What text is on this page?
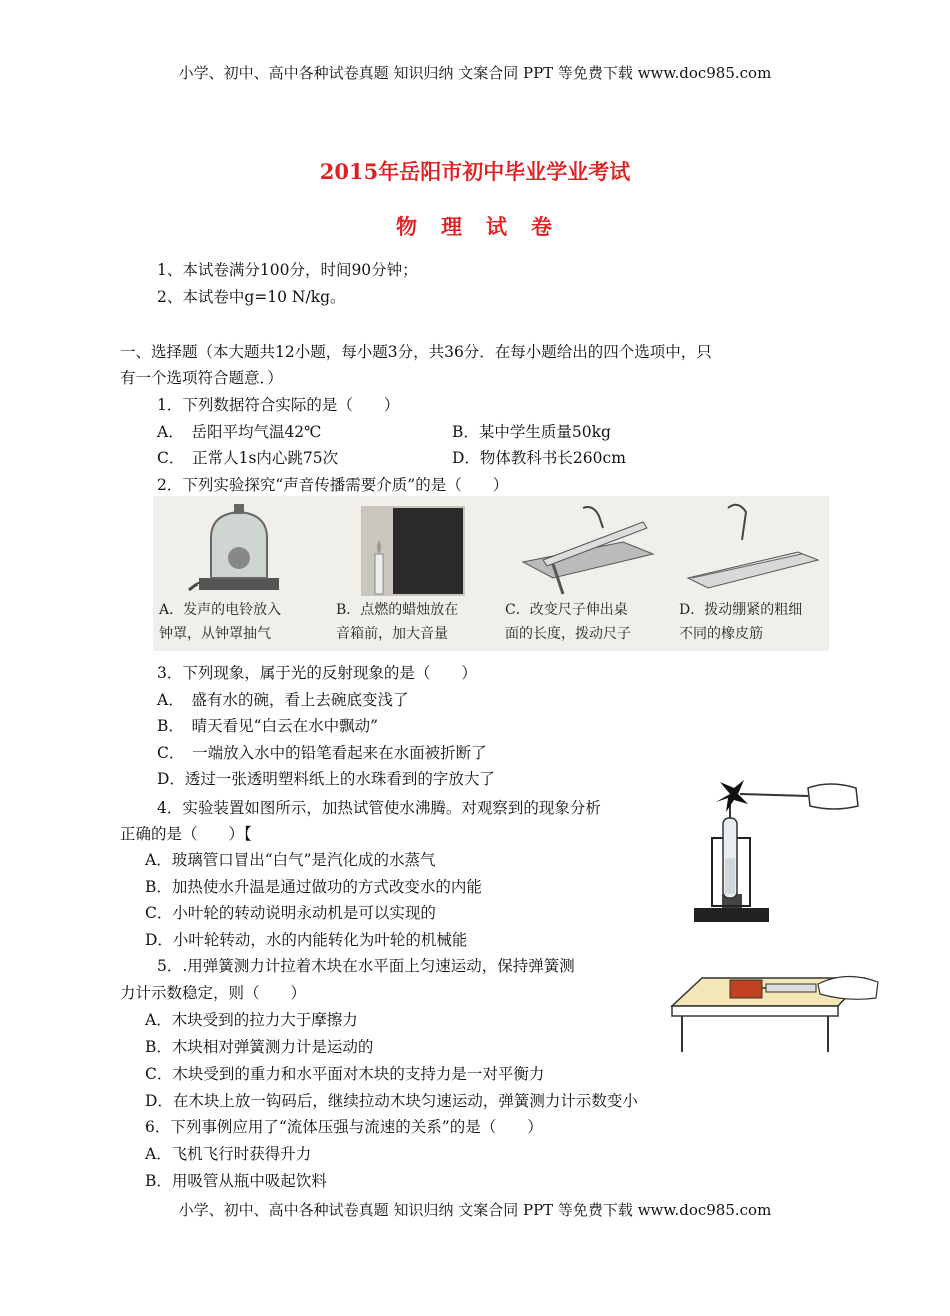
小学、初中、高中各种试卷真题 知识归纳 文案合同 PPT 等免费下载 www.doc985.com
2015年岳阳市初中毕业学业考试
物 理 试 卷
1、本试卷满分100分，时间90分钟；
2、本试卷中g=10 N/kg。
一、选择题（本大题共12小题，每小题3分，共36分．在每小题给出的四个选项中，只
有一个选项符合题意．）
1．下列数据符合实际的是（　　）
A．　岳阳平均气温42℃	B．某中学生质量50kg
C．　正常人1s内心跳75次	D．物体教科书长260cm
2．下列实验探究“声音传播需要介质”的是（　　）
A．发声的电铃放入
钟罩，从钟罩抽气
B．点燃的蜡烛放在
音箱前，加大音量
C．改变尺子伸出桌
面的长度，拨动尺子
D．拨动绷紧的粗细
不同的橡皮筋
3．下列现象，属于光的反射现象的是（　　）
A．　盛有水的碗，看上去碗底变浅了
B．　晴天看见“白云在水中飘动”
C．　一端放入水中的铅笔看起来在水面被折断了
D．透过一张透明塑料纸上的水珠看到的字放大了
4．实验装置如图所示，加热试管使水沸腾。对观察到的现象分析
正确的是（　　）【
A．玻璃管口冒出“白气”是汽化成的水蒸气
B．加热使水升温是通过做功的方式改变水的内能
C．小叶轮的转动说明永动机是可以实现的
D．小叶轮转动，水的内能转化为叶轮的机械能
5．.用弹簧测力计拉着木块在水平面上匀速运动，保持弹簧测
力计示数稳定，则（　　）
A．木块受到的拉力大于摩擦力
B．木块相对弹簧测力计是运动的
C．木块受到的重力和水平面对木块的支持力是一对平衡力
D．在木块上放一钩码后，继续拉动木块匀速运动，弹簧测力计示数变小
6．下列事例应用了“流体压强与流速的关系”的是（　　）
A．飞机飞行时获得升力
B．用吸管从瓶中吸起饮料
小学、初中、高中各种试卷真题 知识归纳 文案合同 PPT 等免费下载 www.doc985.com
